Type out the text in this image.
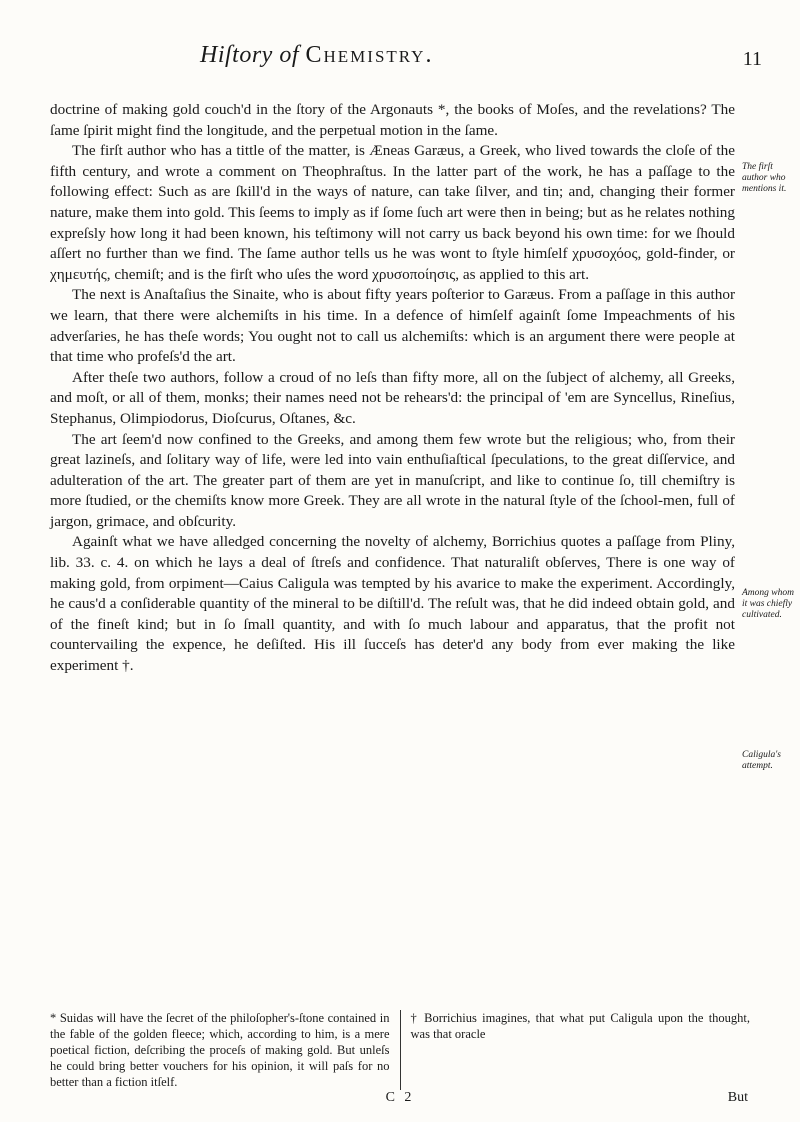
Hiſtory of Chemistry.	11

doctrine of making gold couch'd in the ſtory of the Argonauts *, the books of Moſes, and the revelations? The ſame ſpirit might find the longitude, and the perpetual motion in the ſame.

The firſt author who has a tittle of the matter, is Æneas Garæus, a Greek, who lived towards the cloſe of the fifth century, and wrote a comment on Theophraſtus. In the latter part of the work, he has a paſſage to the following effect: Such as are ſkill'd in the ways of nature, can take ſilver, and tin; and, changing their former nature, make them into gold. This ſeems to imply as if ſome ſuch art were then in being; but as he relates nothing expreſsly how long it had been known, his teſtimony will not carry us back beyond his own time: for we ſhould aſſert no further than we find. The ſame author tells us he was wont to ſtyle himſelf χρυσοχόος, gold-finder, or χημευτής, chemiſt; and is the firſt who uſes the word χρυσοποίησις, as applied to this art.

The next is Anaſtaſius the Sinaite, who is about fifty years poſterior to Garæus. From a paſſage in this author we learn, that there were alchemiſts in his time. In a defence of himſelf againſt ſome Impeachments of his adverſaries, he has theſe words; You ought not to call us alchemiſts: which is an argument there were people at that time who profeſs'd the art.

After theſe two authors, follow a croud of no leſs than fifty more, all on the ſubject of alchemy, all Greeks, and moſt, or all of them, monks; their names need not be rehears'd: the principal of 'em are Syncellus, Rineſius, Stephanus, Olimpiodorus, Dioſcurus, Oſtanes, &c.

The art ſeem'd now confined to the Greeks, and among them few wrote but the religious; who, from their great lazineſs, and ſolitary way of life, were led into vain enthuſiaſtical ſpeculations, to the great diſſervice, and adulteration of the art. The greater part of them are yet in manuſcript, and like to continue ſo, till chemiſtry is more ſtudied, or the chemiſts know more Greek. They are all wrote in the natural ſtyle of the ſchool-men, full of jargon, grimace, and obſcurity.

Againſt what we have alledged concerning the novelty of alchemy, Borrichius quotes a paſſage from Pliny, lib. 33. c. 4. on which he lays a deal of ſtreſs and confidence. That naturaliſt obſerves, There is one way of making gold, from orpiment—Caius Caligula was tempted by his avarice to make the experiment. Accordingly, he caus'd a conſiderable quantity of the mineral to be diſtill'd. The reſult was, that he did indeed obtain gold, and of the fineſt kind; but in ſo ſmall quantity, and with ſo much labour and apparatus, that the profit not countervailing the expence, he deſiſted. His ill ſucceſs has deter'd any body from ever making the like experiment †.

The firſt author who mentions it.
Among whom it was chiefly cultivated.
Caligula's attempt.
* Suidas will have the ſecret of the philoſopher's-ſtone contained in the fable of the golden fleece; which, according to him, is a mere poetical fiction, deſcribing the proceſs of making gold. But unleſs he could bring better vouchers for his opinion, it will paſs for no better than a fiction itſelf.
† Borrichius imagines, that what put Caligula upon the thought, was that oracle
C 2	But
